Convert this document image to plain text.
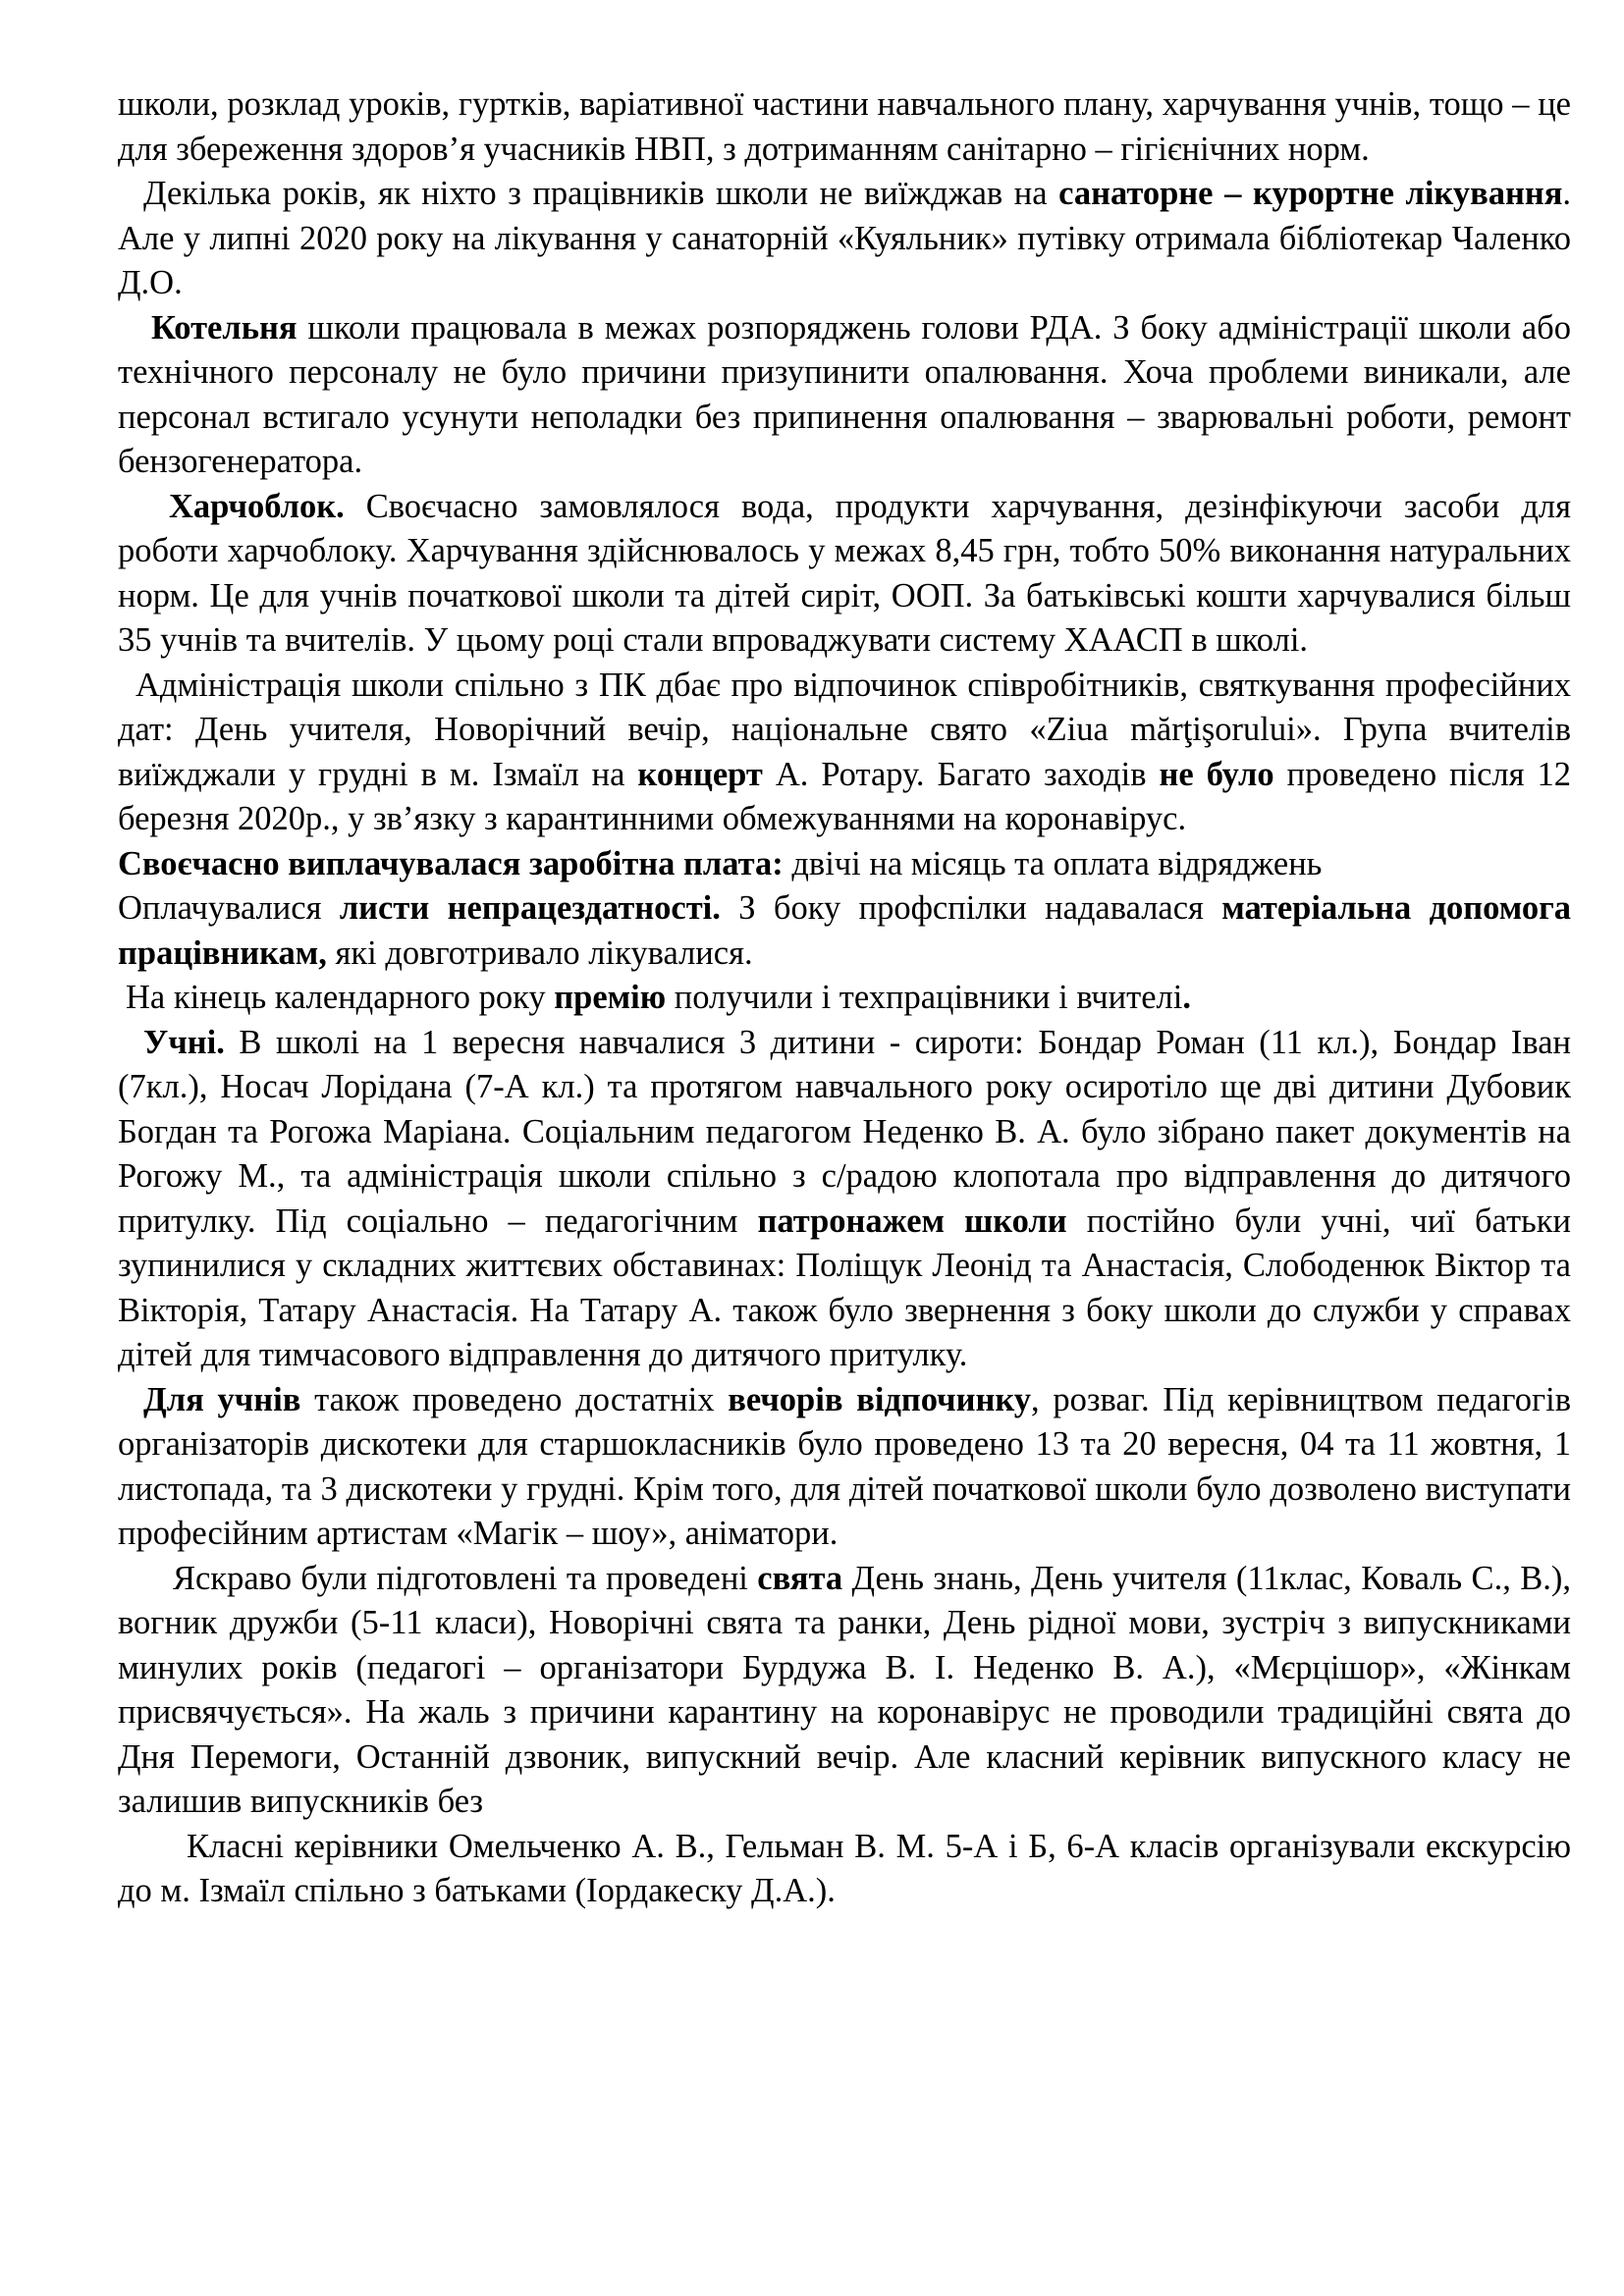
школи, розклад уроків, гуртків, варіативної частини навчального плану, харчування учнів, тощо – це для збереження здоров’я учасників НВП, з дотриманням санітарно – гігієнічних норм.

Декілька років, як ніхто з працівників школи не виїжджав на санаторне – курортне лікування. Але у липні 2020 року на лікування у санаторній «Куяльник» путівку отримала бібліотекар Чаленко Д.О.

Котельня школи працювала в межах розпоряджень голови РДА. З боку адміністрації школи або технічного персоналу не було причини призупинити опалювання. Хоча проблеми виникали, але персонал встигало усунути неполадки без припинення опалювання – зварювальні роботи, ремонт бензогенератора.

Харчоблок. Своєчасно замовлялося вода, продукти харчування, дезінфікуючи засоби для роботи харчоблоку. Харчування здійснювалось у межах 8,45 грн, тобто 50% виконання натуральних норм. Це для учнів початкової школи та дітей сиріт, ООП. За батьківські кошти харчувалися більш 35 учнів та вчителів. У цьому році стали впроваджувати систему ХААСП в школі.

Адміністрація школи спільно з ПК дбає про відпочинок співробітників, святкування професійних дат: День учителя, Новорічний вечір, національне свято «Ziua mărţişorului». Група вчителів виїжджали у грудні в м. Ізмаїл на концерт А. Ротару. Багато заходів не було проведено після 12 березня 2020р., у зв’язку з карантинними обмежуваннями на коронавірус.

Своєчасно виплачувалася заробітна плата: двічі на місяць та оплата відряджень

Оплачувалися листи непрацездатності. З боку профспілки надавалася матеріальна допомога працівникам, які довготривало лікувалися.

На кінець календарного року премію получили і техпрацівники і вчителі.

Учні. В школі на 1 вересня навчалися 3 дитини - сироти: Бондар Роман (11 кл.), Бондар Іван (7кл.), Носач Лорідана (7-А кл.) та протягом навчального року осиротіло ще дві дитини Дубовик Богдан та Рогожа Маріана. Соціальним педагогом Неденко В. А. було зібрано пакет документів на Рогожу М., та адміністрація школи спільно з с/радою клопотала про відправлення до дитячого притулку. Під соціально – педагогічним патронажем школи постійно були учні, чиї батьки зупинилися у складних життєвих обставинах: Поліщук Леонід та Анастасія, Слободенюк Віктор та Вікторія, Татару Анастасія. На Татару А. також було звернення з боку школи до служби у справах дітей для тимчасового відправлення до дитячого притулку.

Для учнів також проведено достатніх вечорів відпочинку, розваг. Під керівництвом педагогів організаторів дискотеки для старшокласників було проведено 13 та 20 вересня, 04 та 11 жовтня, 1 листопада, та 3 дискотеки у грудні. Крім того, для дітей початкової школи було дозволено виступати професійним артистам «Магік – шоу», аніматори.

Яскраво були підготовлені та проведені свята День знань, День учителя (11клас, Коваль С., В.), вогник дружби (5-11 класи), Новорічні свята та ранки, День рідної мови, зустріч з випускниками минулих років (педагогі – організатори Бурдужа В. І. Неденко В. А.), «Мєрцішор», «Жінкам присвячується». На жаль з причини карантину на коронавірус не проводили традиційні свята до Дня Перемоги, Останній дзвоник, випускний вечір. Але класний керівник випускного класу не залишив випускників без

Класні керівники Омельченко А. В., Гельман В. М. 5-А і Б, 6-А класів організували екскурсію до м. Ізмаїл спільно з батьками (Іордакеску Д.А.).
